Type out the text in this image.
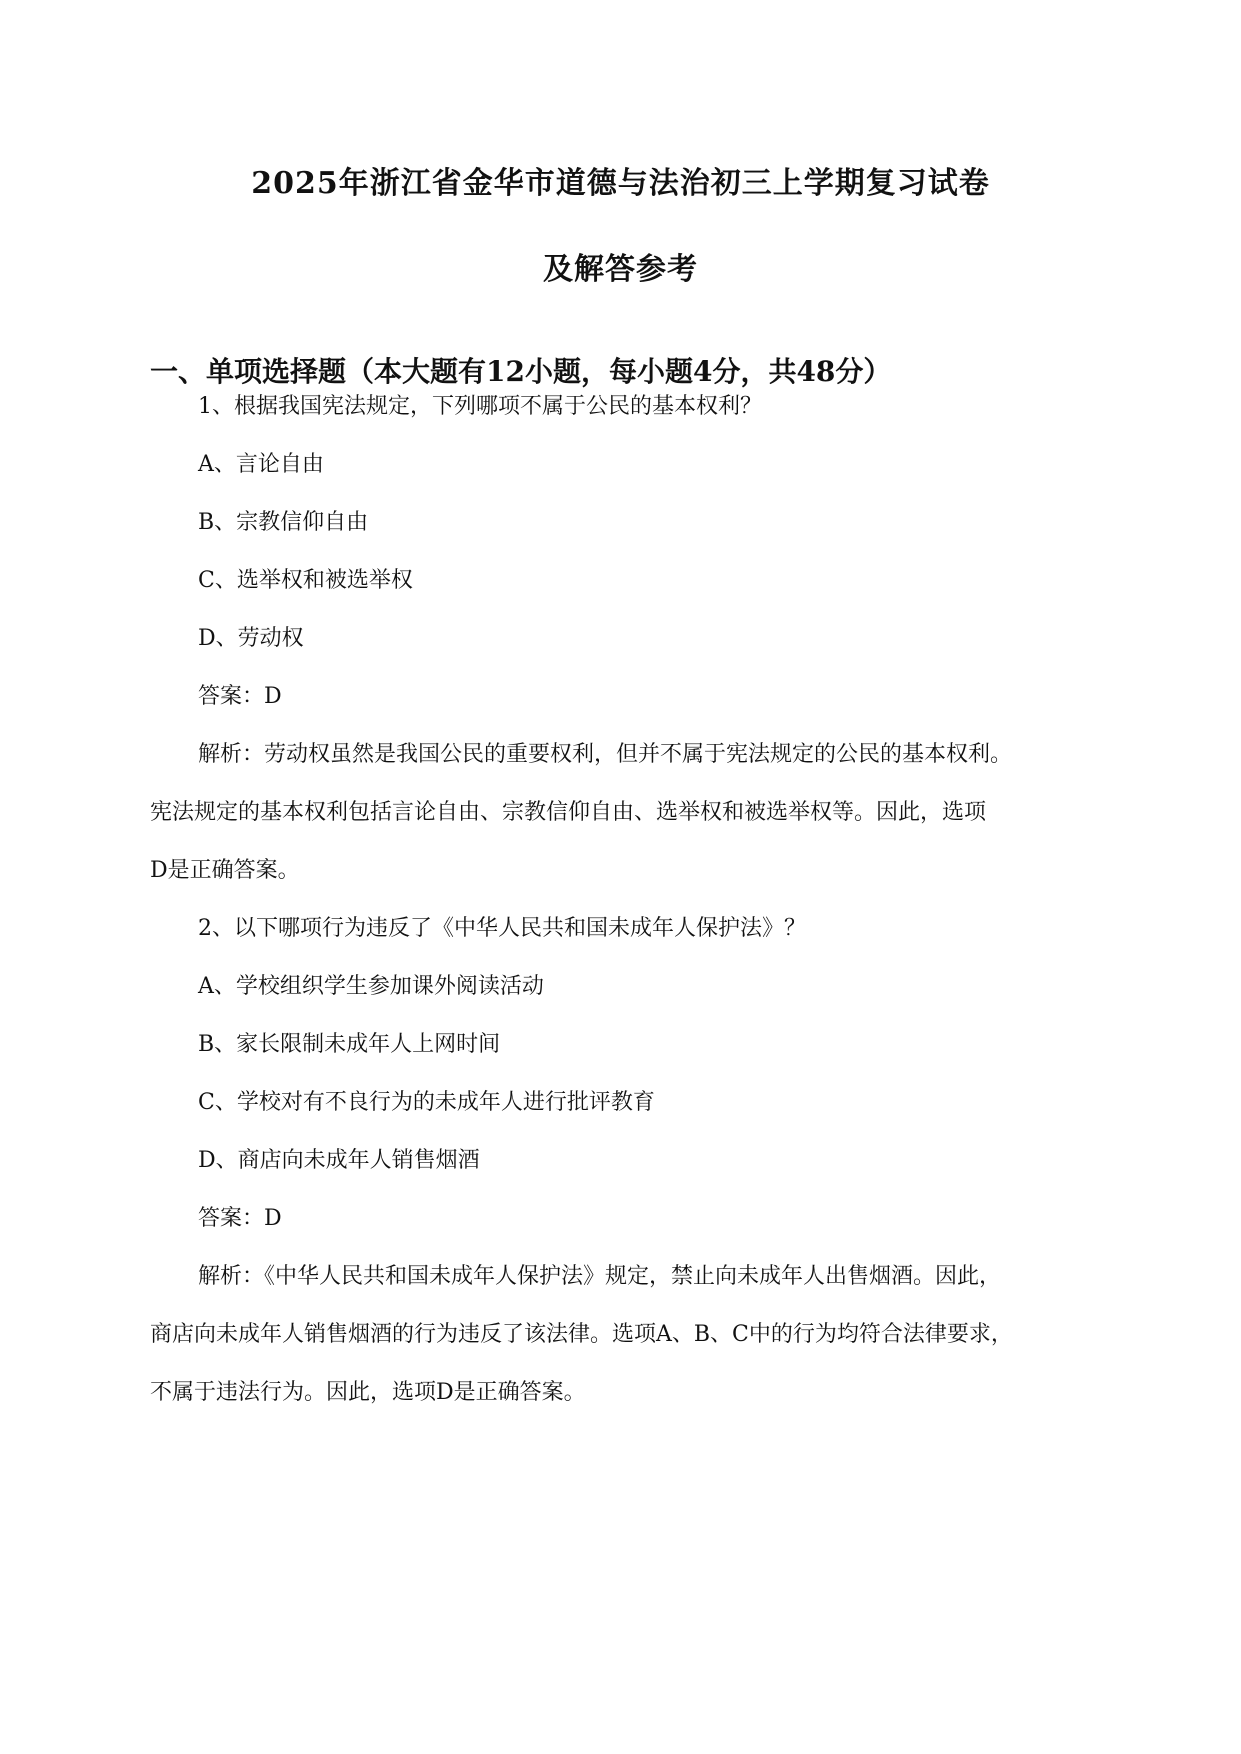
2025年浙江省金华市道德与法治初三上学期复习试卷
及解答参考
一、单项选择题（本大题有12小题，每小题4分，共48分）
1、根据我国宪法规定，下列哪项不属于公民的基本权利？
A、言论自由
B、宗教信仰自由
C、选举权和被选举权
D、劳动权
答案：D
解析：劳动权虽然是我国公民的重要权利，但并不属于宪法规定的公民的基本权利。
宪法规定的基本权利包括言论自由、宗教信仰自由、选举权和被选举权等。因此，选项
D是正确答案。
2、以下哪项行为违反了《中华人民共和国未成年人保护法》？
A、学校组织学生参加课外阅读活动
B、家长限制未成年人上网时间
C、学校对有不良行为的未成年人进行批评教育
D、商店向未成年人销售烟酒
答案：D
解析：《中华人民共和国未成年人保护法》规定，禁止向未成年人出售烟酒。因此，
商店向未成年人销售烟酒的行为违反了该法律。选项A、B、C中的行为均符合法律要求，
不属于违法行为。因此，选项D是正确答案。
